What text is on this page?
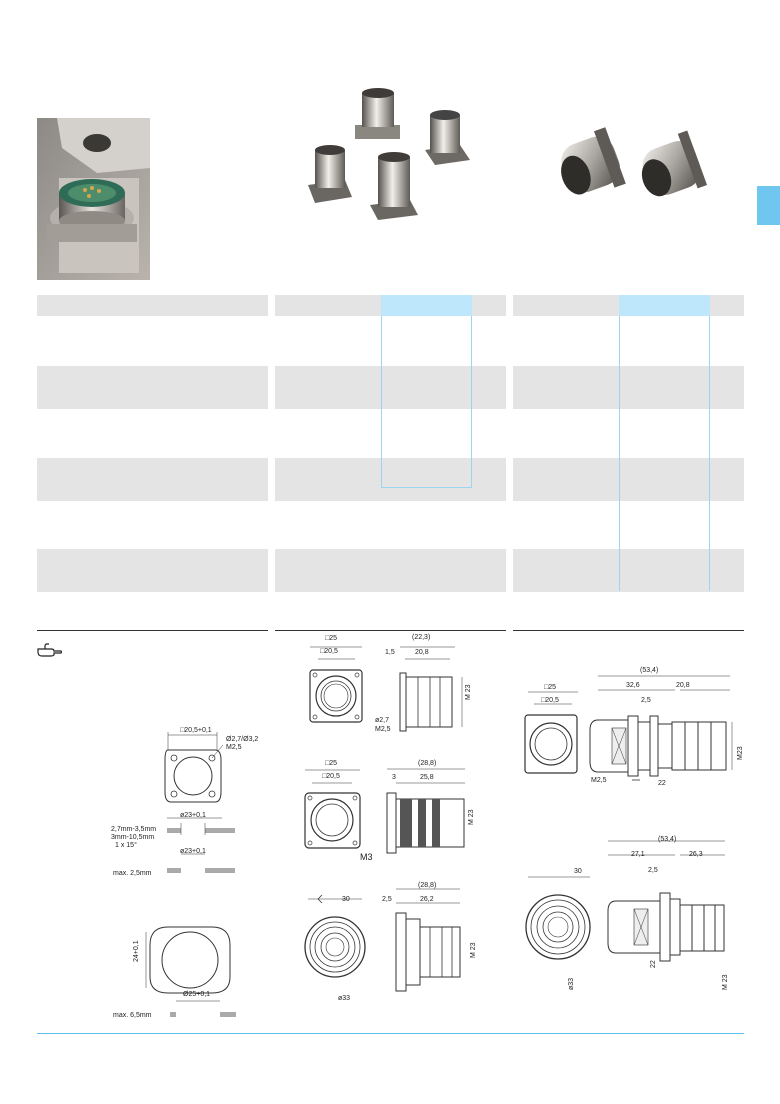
□20,5+0,1
Ø2,7/Ø3,2
M2,5
ø23+0,1
2,7mm-3,5mm
3mm-10,5mm
1 x 15°
ø23+0,1
max. 2,5mm
24+0,1
Ø25+0,1
max. 6,5mm
□25
□20,5
(22,3)
1,5	20,8
M 23
ø2,7
M2,5
□25
□20,5
(28,8)
3	25,8
M 23
M3
30
(28,8)
2,5	26,2
M 23
ø33
(53,4)
□25
□20,5
32,6	20,8
2,5
M23
M2,5	22
(53,4)
30
27,1	26,3
2,5
22
ø33	M 23
